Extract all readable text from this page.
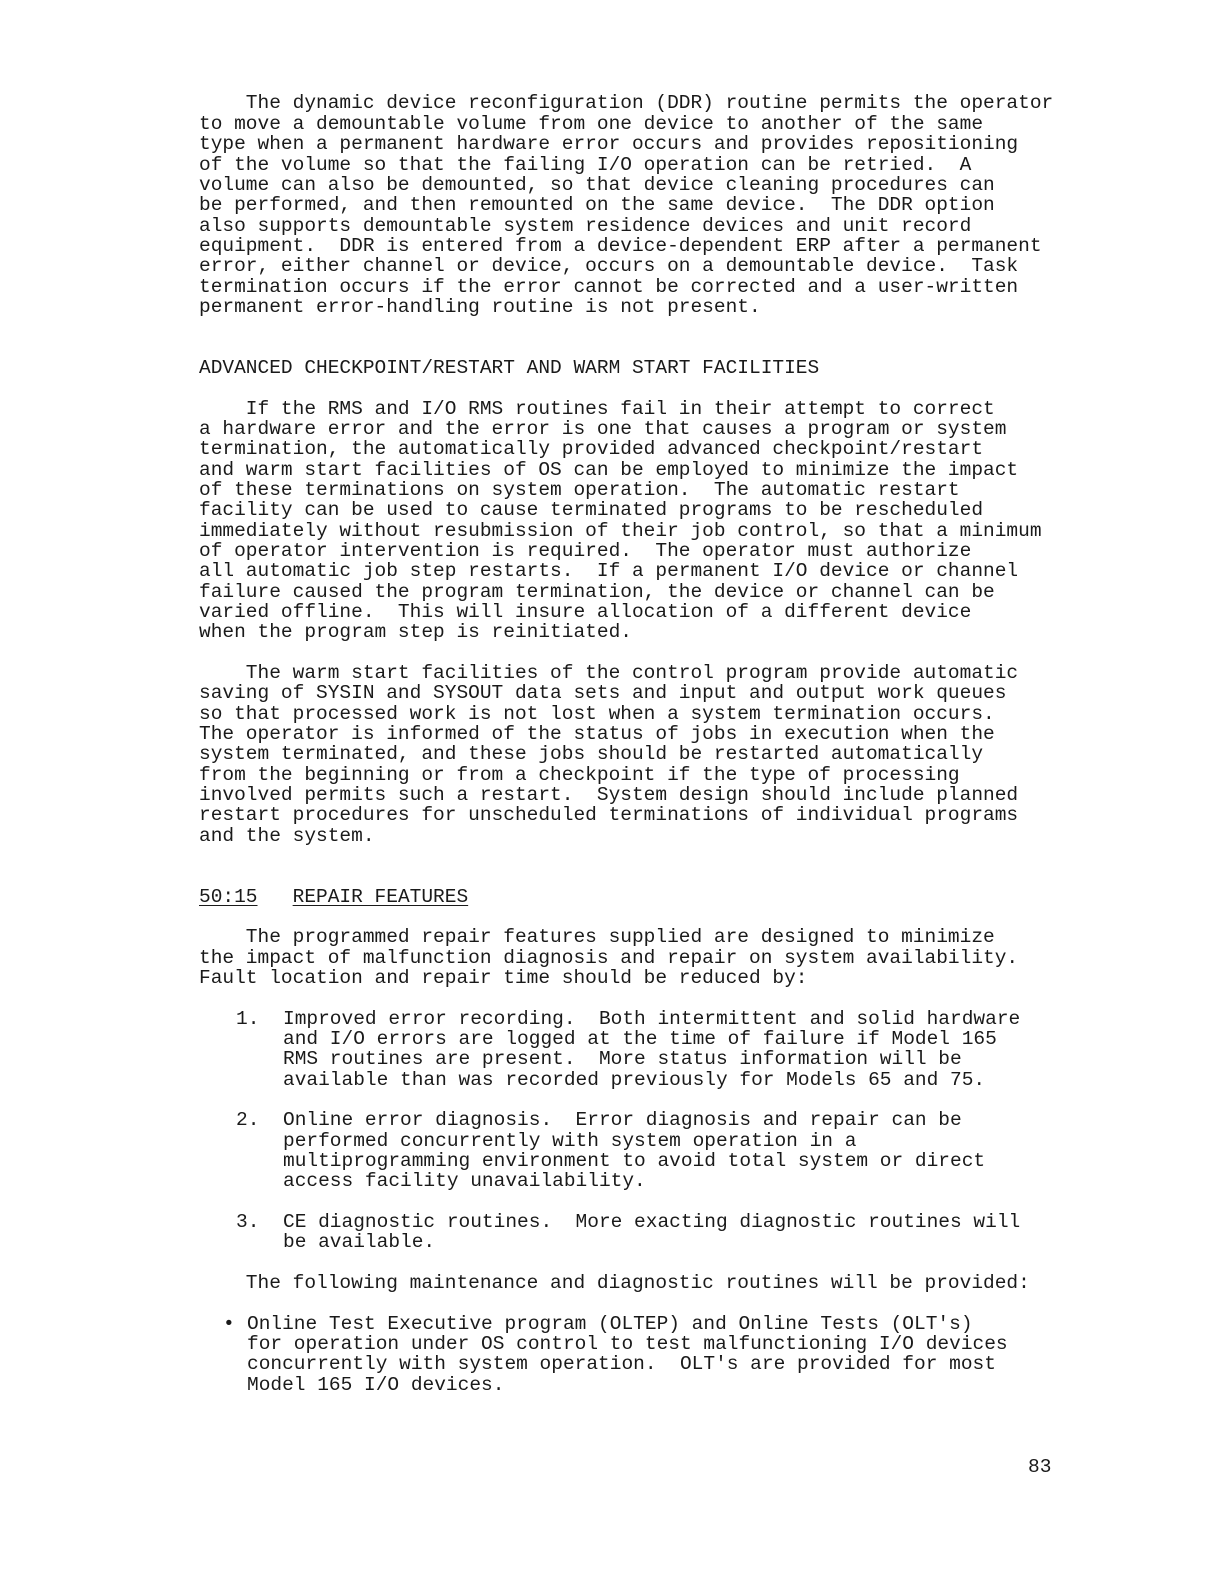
The dynamic device reconfiguration (DDR) routine permits the operator
to move a demountable volume from one device to another of the same
type when a permanent hardware error occurs and provides repositioning
of the volume so that the failing I/O operation can be retried.  A
volume can also be demounted, so that device cleaning procedures can
be performed, and then remounted on the same device.  The DDR option
also supports demountable system residence devices and unit record
equipment.  DDR is entered from a device-dependent ERP after a permanent
error, either channel or device, occurs on a demountable device.  Task
termination occurs if the error cannot be corrected and a user-written
permanent error-handling routine is not present.
ADVANCED CHECKPOINT/RESTART AND WARM START FACILITIES
If the RMS and I/O RMS routines fail in their attempt to correct
a hardware error and the error is one that causes a program or system
termination, the automatically provided advanced checkpoint/restart
and warm start facilities of OS can be employed to minimize the impact
of these terminations on system operation.  The automatic restart
facility can be used to cause terminated programs to be rescheduled
immediately without resubmission of their job control, so that a minimum
of operator intervention is required.  The operator must authorize
all automatic job step restarts.  If a permanent I/O device or channel
failure caused the program termination, the device or channel can be
varied offline.  This will insure allocation of a different device
when the program step is reinitiated.
The warm start facilities of the control program provide automatic
saving of SYSIN and SYSOUT data sets and input and output work queues
so that processed work is not lost when a system termination occurs.
The operator is informed of the status of jobs in execution when the
system terminated, and these jobs should be restarted automatically
from the beginning or from a checkpoint if the type of processing
involved permits such a restart.  System design should include planned
restart procedures for unscheduled terminations of individual programs
and the system.
50:15 REPAIR FEATURES
The programmed repair features supplied are designed to minimize
the impact of malfunction diagnosis and repair on system availability.
Fault location and repair time should be reduced by:
1. Improved error recording.  Both intermittent and solid hardware
and I/O errors are logged at the time of failure if Model 165
RMS routines are present.  More status information will be
available than was recorded previously for Models 65 and 75.
2. Online error diagnosis.  Error diagnosis and repair can be
performed concurrently with system operation in a
multiprogramming environment to avoid total system or direct
access facility unavailability.
3. CE diagnostic routines.  More exacting diagnostic routines will
be available.
The following maintenance and diagnostic routines will be provided:
• Online Test Executive program (OLTEP) and Online Tests (OLT's)
for operation under OS control to test malfunctioning I/O devices
concurrently with system operation.  OLT's are provided for most
Model 165 I/O devices.
83
